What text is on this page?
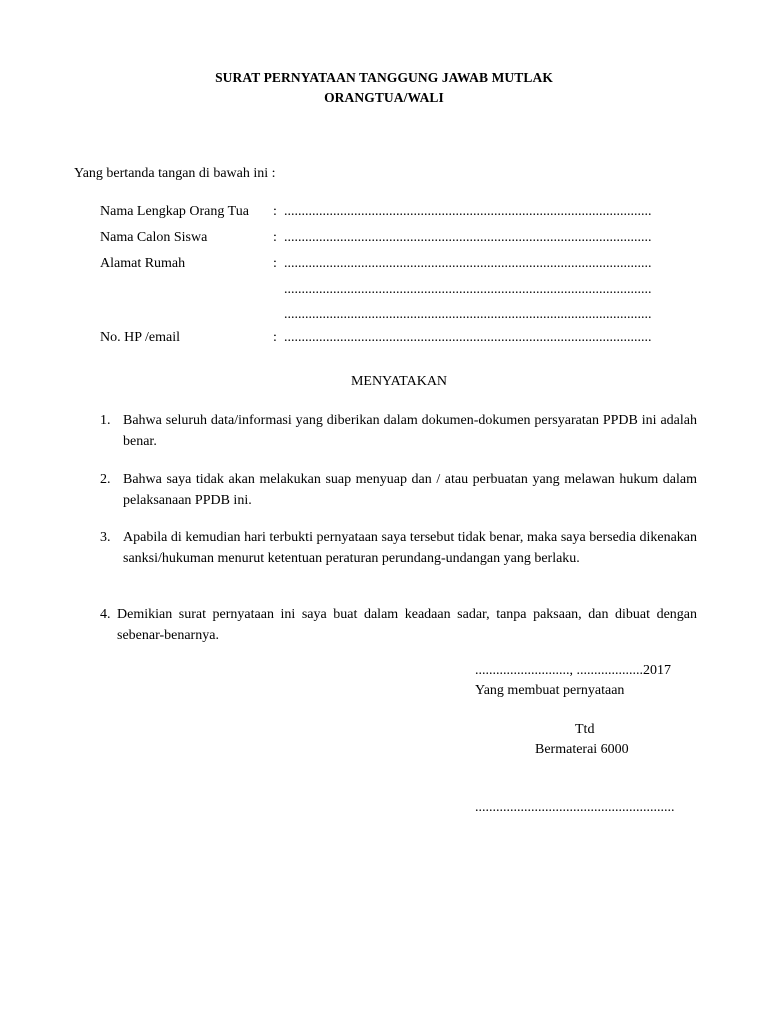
SURAT PERNYATAAN TANGGUNG JAWAB MUTLAK
ORANGTUA/WALI
Yang bertanda tangan di bawah ini :
Nama Lengkap Orang Tua : .........................................................................................................
Nama Calon Siswa	: .........................................................................................................
Alamat Rumah	: .........................................................................................................
.........................................................................................................
.........................................................................................................
No. HP /email	: .........................................................................................................
MENYATAKAN
1. Bahwa seluruh data/informasi yang diberikan dalam dokumen-dokumen persyaratan PPDB ini adalah benar.
2. Bahwa saya tidak akan melakukan suap menyuap dan / atau perbuatan yang melawan hukum dalam pelaksanaan PPDB ini.
3. Apabila di kemudian hari terbukti pernyataan saya tersebut tidak benar, maka saya bersedia dikenakan sanksi/hukuman menurut ketentuan peraturan perundang-undangan yang berlaku.
4. Demikian surat pernyataan ini saya buat dalam keadaan sadar, tanpa paksaan, dan dibuat dengan sebenar-benarnya.
..........................., ...................2017
Yang membuat pernyataan
Ttd
Bermaterai 6000
.........................................................
